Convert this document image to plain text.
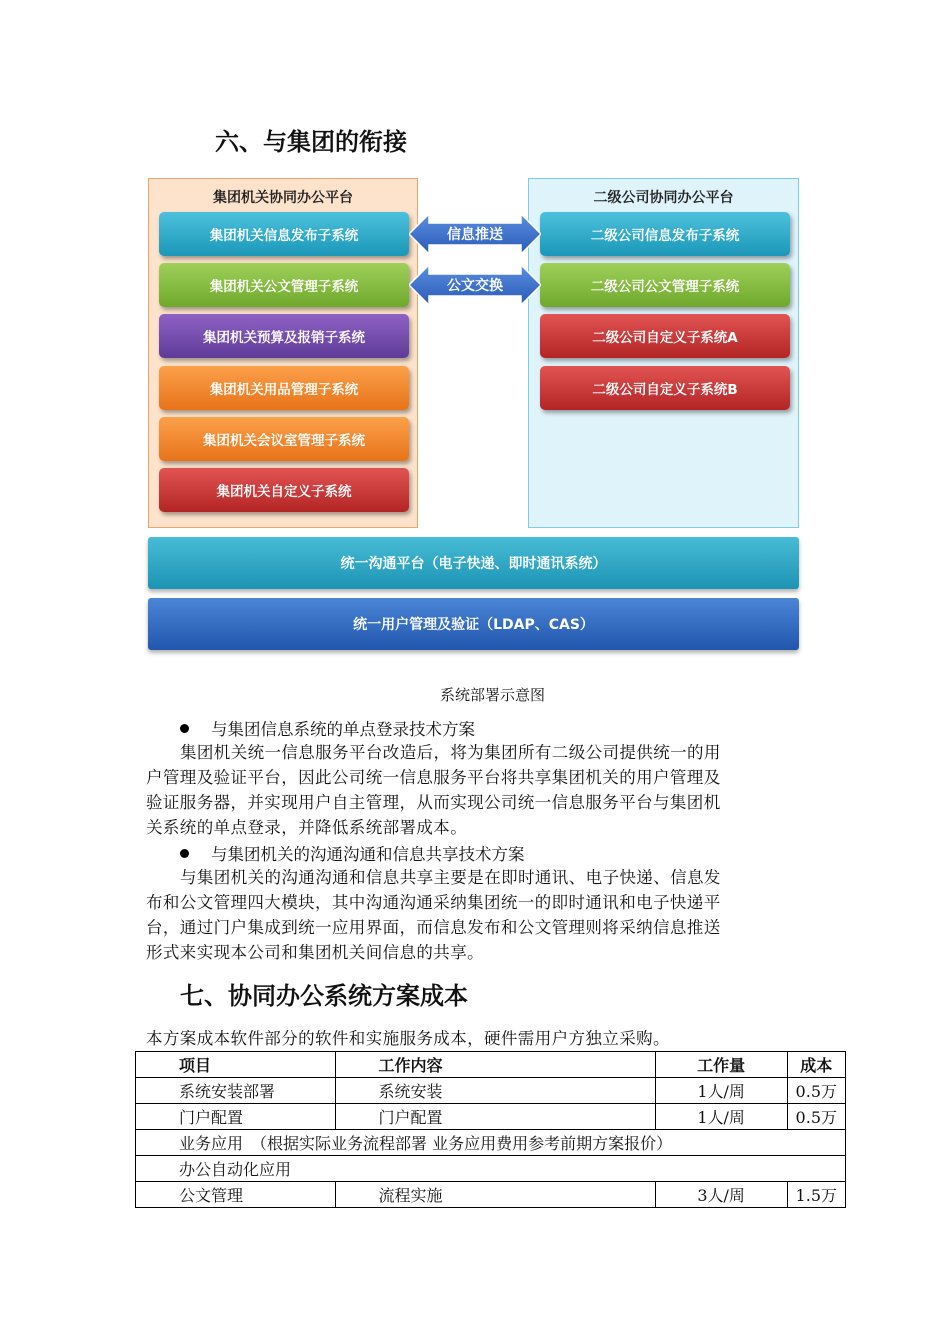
六、与集团的衔接
集团机关协同办公平台
集团机关信息发布子系统
集团机关公文管理子系统
集团机关预算及报销子系统
集团机关用品管理子系统
集团机关会议室管理子系统
集团机关自定义子系统
二级公司协同办公平台
二级公司信息发布子系统
二级公司公文管理子系统
二级公司自定义子系统A
二级公司自定义子系统B
信息推送
公文交换
统一沟通平台（电子快递、即时通讯系统）
统一用户管理及验证（LDAP、CAS）
系统部署示意图
与集团信息系统的单点登录技术方案
集团机关统一信息服务平台改造后，将为集团所有二级公司提供统一的用
户管理及验证平台，因此公司统一信息服务平台将共享集团机关的用户管理及
验证服务器，并实现用户自主管理，从而实现公司统一信息服务平台与集团机
关系统的单点登录，并降低系统部署成本。
与集团机关的沟通沟通和信息共享技术方案
与集团机关的沟通沟通和信息共享主要是在即时通讯、电子快递、信息发
布和公文管理四大模块，其中沟通沟通采纳集团统一的即时通讯和电子快递平
台，通过门户集成到统一应用界面，而信息发布和公文管理则将采纳信息推送
形式来实现本公司和集团机关间信息的共享。
七、协同办公系统方案成本
本方案成本软件部分的软件和实施服务成本，硬件需用户方独立采购。
项目	工作内容	工作量	成本
系统安装部署	系统安装	1人/周	0.5万
门户配置	门户配置	1人/周	0.5万
业务应用　（根据实际业务流程部署 业务应用费用参考前期方案报价）			
办公自动化应用			
公文管理	流程实施	3人/周	1.5万
